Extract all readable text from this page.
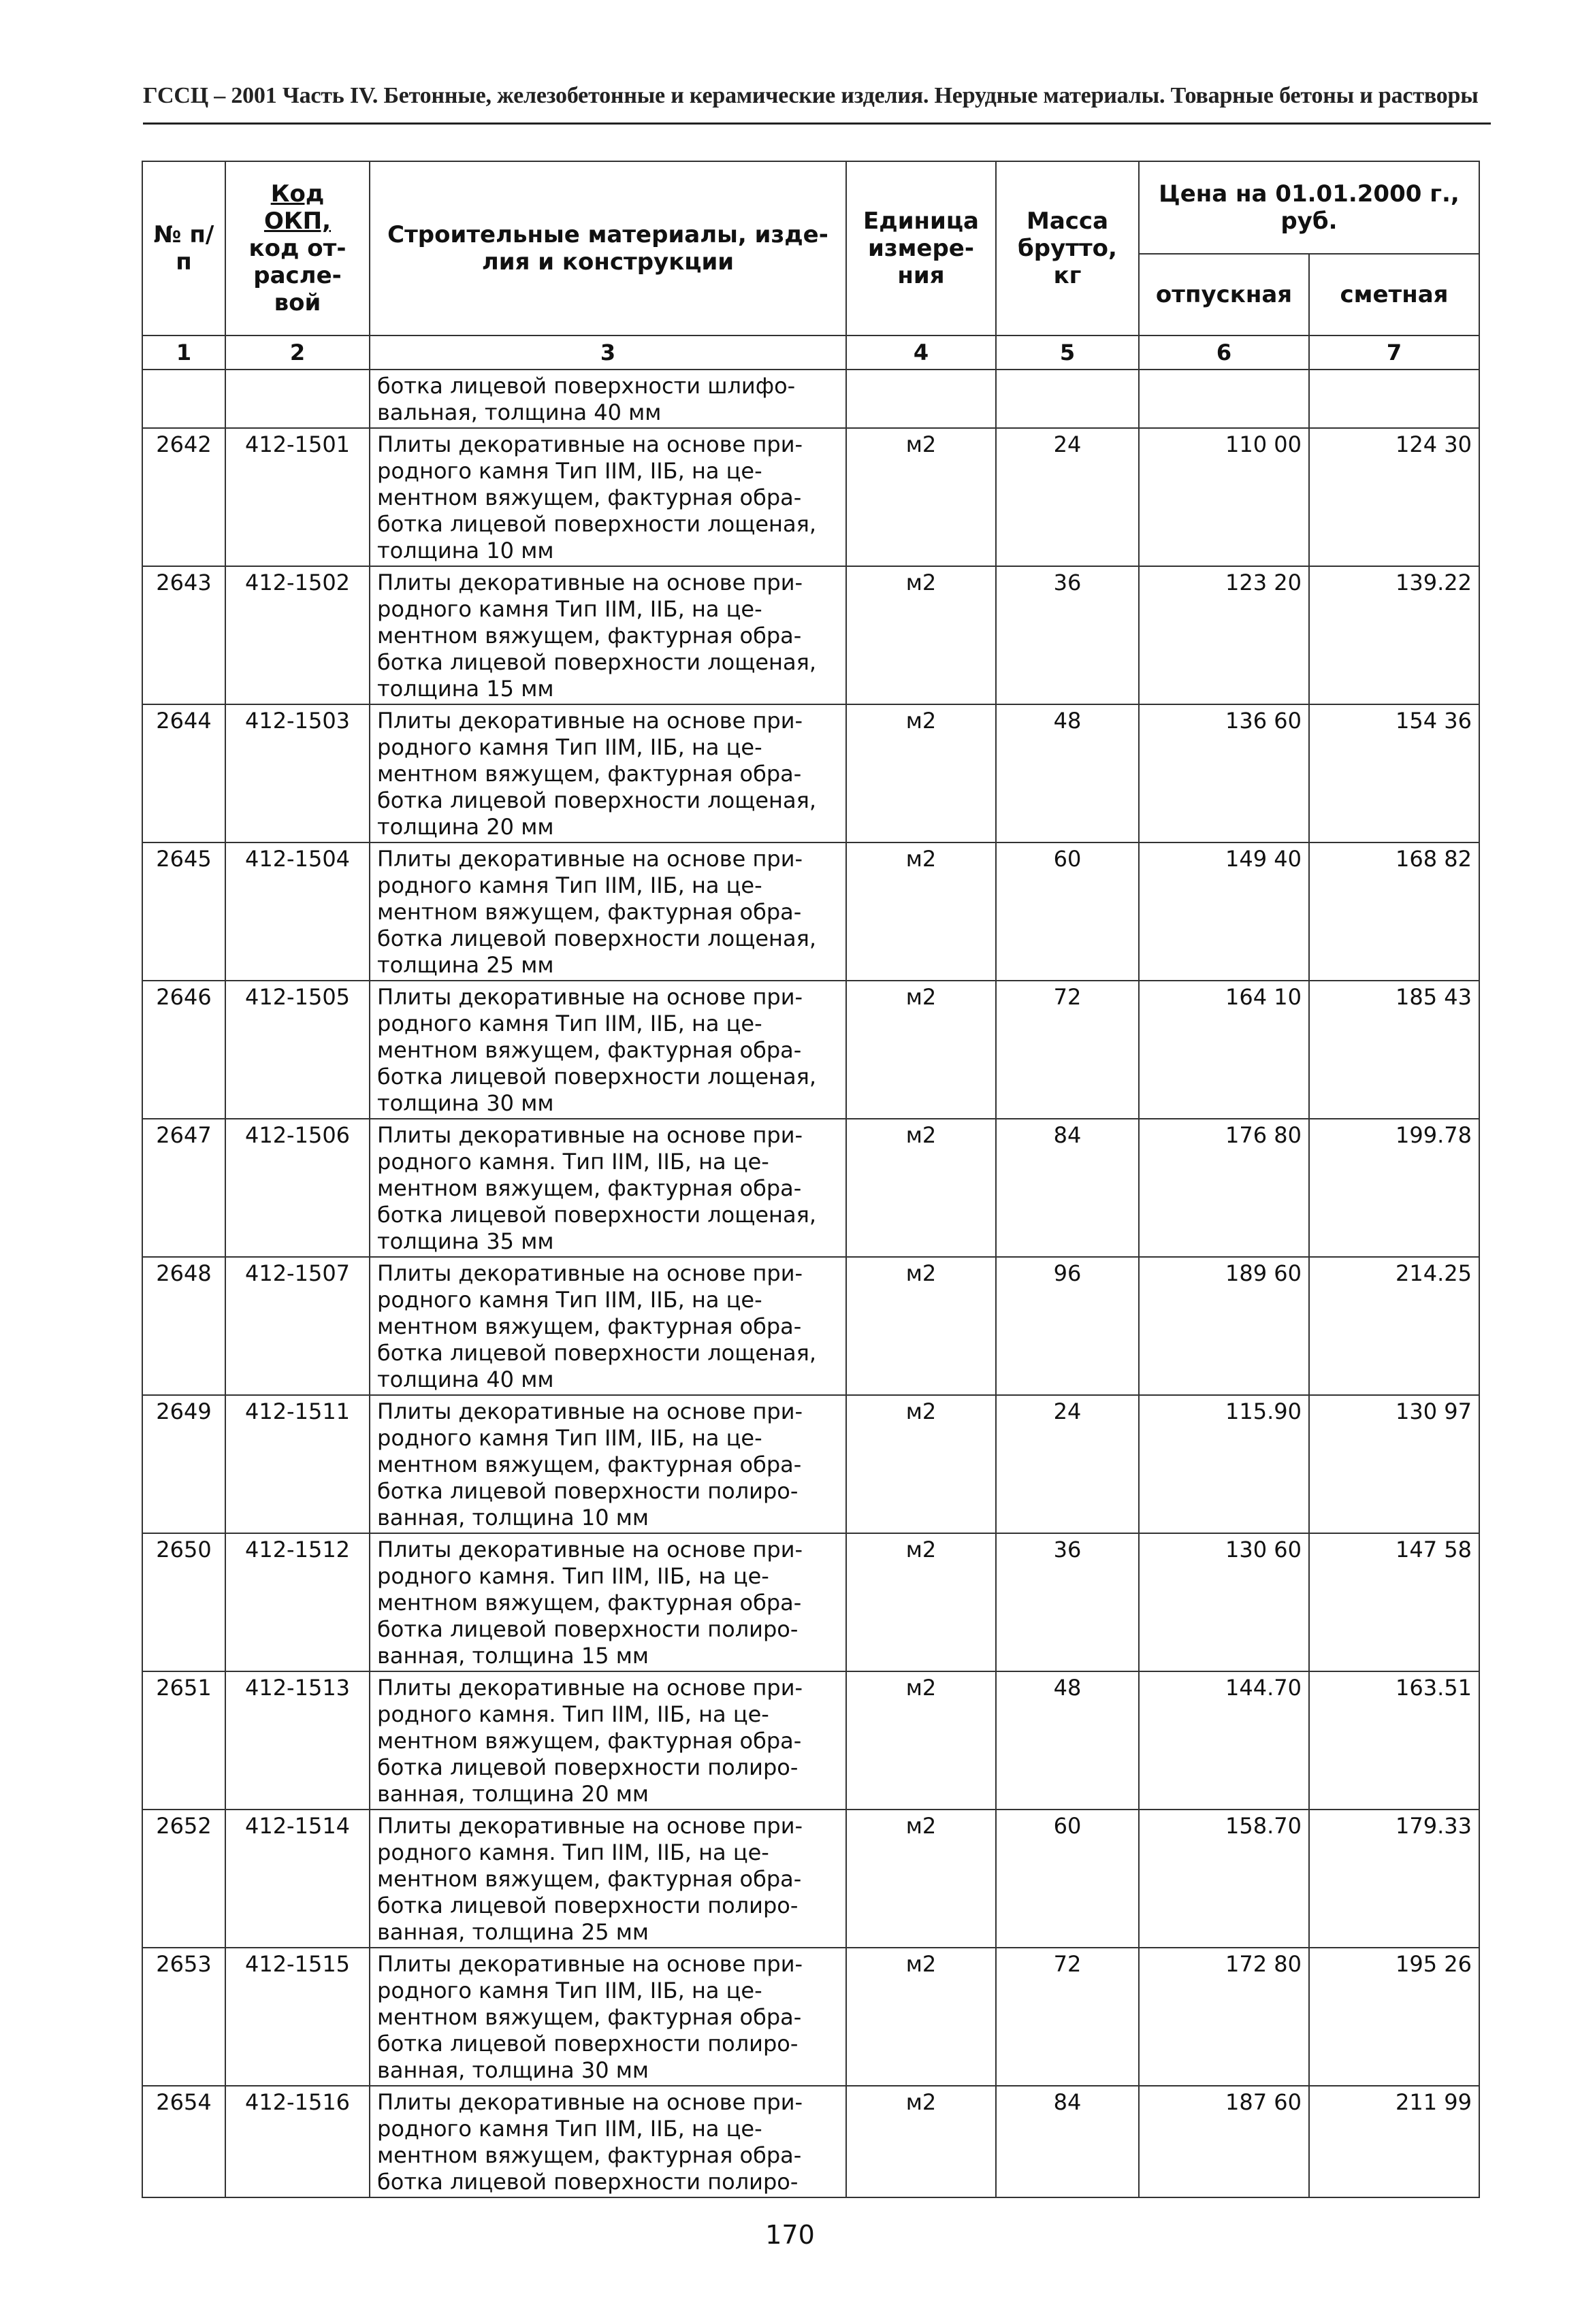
ГССЦ – 2001 Часть IV. Бетонные, железобетонные и керамические изделия. Нерудные материалы. Товарные бетоны и растворы
№ п/п	Код
ОКП,
код от-
расле-
вой	Строительные материалы, изде-лия и конструкции	Единица измере-ния	Масса брутто, кг	Цена на 01.01.2000 г., руб.	
					отпускная	сметная
1	2	3	4	5	6	7

		ботка лицевой поверхности шлифо-
вальная, толщина 40 мм				

2642	412-1501	Плиты декоративные на основе при-
родного камня Тип IIМ, IIБ, на це-
ментном вяжущем, фактурная обра-
ботка лицевой поверхности лощеная,
толщина 10 мм	м2	24	110 00	124 30
2643	412-1502	Плиты декоративные на основе при-
родного камня Тип IIМ, IIБ, на це-
ментном вяжущем, фактурная обра-
ботка лицевой поверхности лощеная,
толщина 15 мм	м2	36	123 20	139.22
2644	412-1503	Плиты декоративные на основе при-
родного камня Тип IIМ, IIБ, на це-
ментном вяжущем, фактурная обра-
ботка лицевой поверхности лощеная,
толщина 20 мм	м2	48	136 60	154 36
2645	412-1504	Плиты декоративные на основе при-
родного камня Тип IIМ, IIБ, на це-
ментном вяжущем, фактурная обра-
ботка лицевой поверхности лощеная,
толщина 25 мм	м2	60	149 40	168 82
2646	412-1505	Плиты декоративные на основе при-
родного камня Тип IIМ, IIБ, на це-
ментном вяжущем, фактурная обра-
ботка лицевой поверхности лощеная,
толщина 30 мм	м2	72	164 10	185 43
2647	412-1506	Плиты декоративные на основе при-
родного камня. Тип IIМ, IIБ, на це-
ментном вяжущем, фактурная обра-
ботка лицевой поверхности лощеная,
толщина 35 мм	м2	84	176 80	199.78
2648	412-1507	Плиты декоративные на основе при-
родного камня Тип IIМ, IIБ, на це-
ментном вяжущем, фактурная обра-
ботка лицевой поверхности лощеная,
толщина 40 мм	м2	96	189 60	214.25
2649	412-1511	Плиты декоративные на основе при-
родного камня Тип IIМ, IIБ, на це-
ментном вяжущем, фактурная обра-
ботка лицевой поверхности полиро-
ванная, толщина 10 мм	м2	24	115.90	130 97
2650	412-1512	Плиты декоративные на основе при-
родного камня. Тип IIМ, IIБ, на це-
ментном вяжущем, фактурная обра-
ботка лицевой поверхности полиро-
ванная, толщина 15 мм	м2	36	130 60	147 58
2651	412-1513	Плиты декоративные на основе при-
родного камня. Тип IIМ, IIБ, на це-
ментном вяжущем, фактурная обра-
ботка лицевой поверхности полиро-
ванная, толщина 20 мм	м2	48	144.70	163.51
2652	412-1514	Плиты декоративные на основе при-
родного камня. Тип IIМ, IIБ, на це-
ментном вяжущем, фактурная обра-
ботка лицевой поверхности полиро-
ванная, толщина 25 мм	м2	60	158.70	179.33
2653	412-1515	Плиты декоративные на основе при-
родного камня Тип IIМ, IIБ, на це-
ментном вяжущем, фактурная обра-
ботка лицевой поверхности полиро-
ванная, толщина 30 мм	м2	72	172 80	195 26
2654	412-1516	Плиты декоративные на основе при-
родного камня Тип IIМ, IIБ, на це-
ментном вяжущем, фактурная обра-
ботка лицевой поверхности полиро-	м2	84	187 60	211 99
170
